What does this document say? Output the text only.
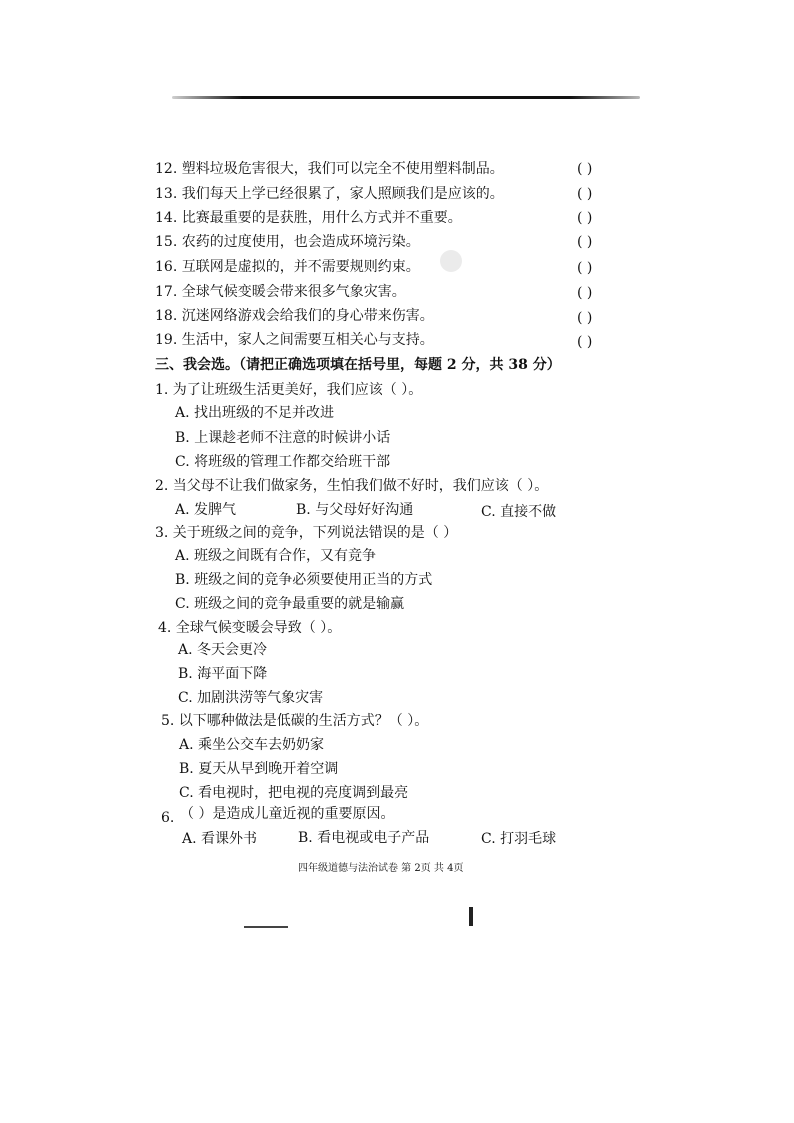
12. 塑料垃圾危害很大，我们可以完全不使用塑料制品。	( )
13. 我们每天上学已经很累了，家人照顾我们是应该的。	( )
14. 比赛最重要的是获胜，用什么方式并不重要。	( )
15. 农药的过度使用，也会造成环境污染。	( )
16. 互联网是虚拟的，并不需要规则约束。	( )
17. 全球气候变暖会带来很多气象灾害。	( )
18. 沉迷网络游戏会给我们的身心带来伤害。	( )
19. 生活中，家人之间需要互相关心与支持。	( )
三、我会选。（请把正确选项填在括号里，每题 2 分，共 38 分）
1. 为了让班级生活更美好，我们应该（ ）。
A. 找出班级的不足并改进
B. 上课趁老师不注意的时候讲小话
C. 将班级的管理工作都交给班干部
2. 当父母不让我们做家务，生怕我们做不好时，我们应该（ ）。
A. 发脾气	B. 与父母好好沟通	C. 直接不做
3. 关于班级之间的竞争，下列说法错误的是（ ）
A. 班级之间既有合作，又有竞争
B. 班级之间的竞争必须要使用正当的方式
C. 班级之间的竞争最重要的就是输赢
4. 全球气候变暖会导致（ ）。
A. 冬天会更冷
B. 海平面下降
C. 加剧洪涝等气象灾害
5. 以下哪种做法是低碳的生活方式？（ ）。
A. 乘坐公交车去奶奶家
B. 夏天从早到晚开着空调
C. 看电视时，把电视的亮度调到最亮
6. （ ）是造成儿童近视的重要原因。
A. 看课外书	B. 看电视或电子产品	C. 打羽毛球
四年级道德与法治试卷 第 2页 共 4页
